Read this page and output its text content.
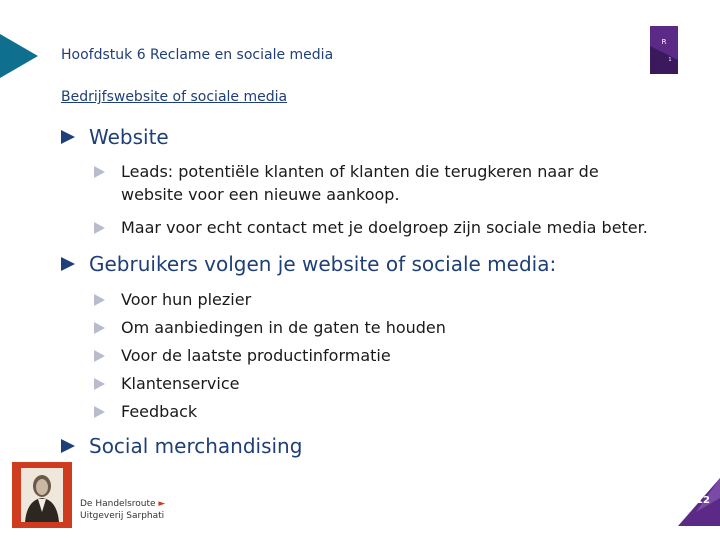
Hoofdstuk 6 Reclame en sociale media
R
1
Bedrijfswebsite of sociale media
Website
Leads: potentiële klanten of klanten die terugkeren naar de website voor een nieuwe aankoop.
Maar voor echt contact met je doelgroep zijn sociale media beter.
Gebruikers volgen je website of sociale media:
Voor hun plezier
Om aanbiedingen in de gaten te houden
Voor de laatste productinformatie
Klantenservice
Feedback
Social merchandising
De Handelsroute ►
Uitgeverij Sarphati
12
